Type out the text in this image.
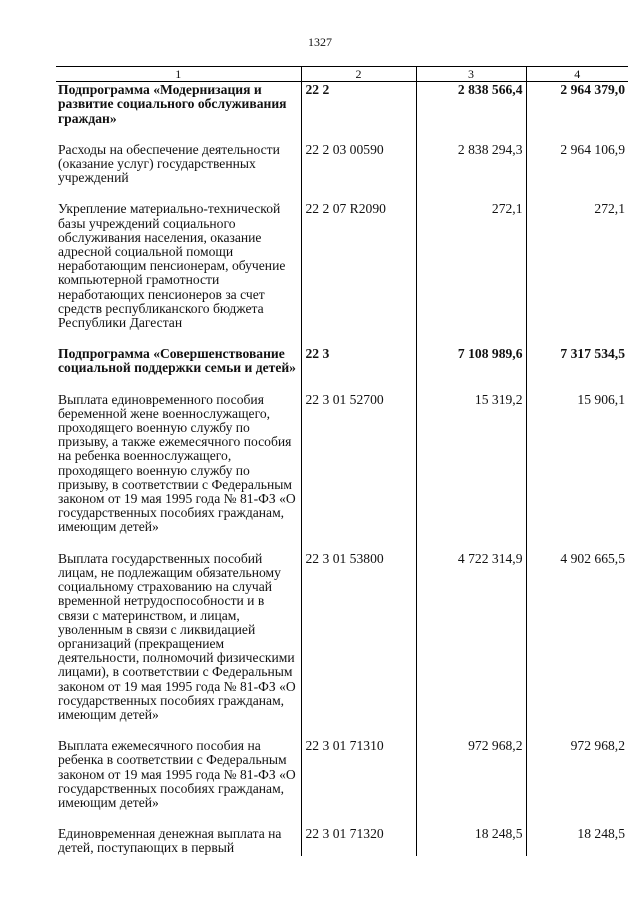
1327
1	2	3	4
Подпрограмма «Модернизация и развитие социального обслуживания граждан»	22 2	2 838 566,4	2 964 379,0
Расходы на обеспечение деятельности (оказание услуг) государственных учреждений	22 2 03 00590	2 838 294,3	2 964 106,9
Укрепление материально-технической базы учреждений социального обслуживания населения, оказание адресной социальной помощи неработающим пенсионерам, обучение компьютерной грамотности неработающих пенсионеров за счет средств республиканского бюджета Республики Дагестан	22 2 07 R2090	272,1	272,1
Подпрограмма «Совершенствование социальной поддержки семьи и детей»	22 3	7 108 989,6	7 317 534,5
Выплата единовременного пособия беременной жене военнослужащего, проходящего военную службу по призыву, а также ежемесячного пособия на ребенка военнослужащего, проходящего военную службу по призыву, в соответствии с Федеральным законом от 19 мая 1995 года № 81-ФЗ «О государственных пособиях гражданам, имеющим детей»	22 3 01 52700	15 319,2	15 906,1
Выплата государственных пособий лицам, не подлежащим обязательному социальному страхованию на случай временной нетрудоспособности и в связи с материнством, и лицам, уволенным в связи с ликвидацией организаций (прекращением деятельности, полномочий физическими лицами), в соответствии с Федеральным законом от 19 мая 1995 года № 81-ФЗ «О государственных пособиях гражданам, имеющим детей»	22 3 01 53800	4 722 314,9	4 902 665,5
Выплата ежемесячного пособия на ребенка в соответствии с Федеральным законом от 19 мая 1995 года № 81-ФЗ «О государственных пособиях гражданам, имеющим детей»	22 3 01 71310	972 968,2	972 968,2
Единовременная денежная выплата на детей, поступающих в первый	22 3 01 71320	18 248,5	18 248,5
